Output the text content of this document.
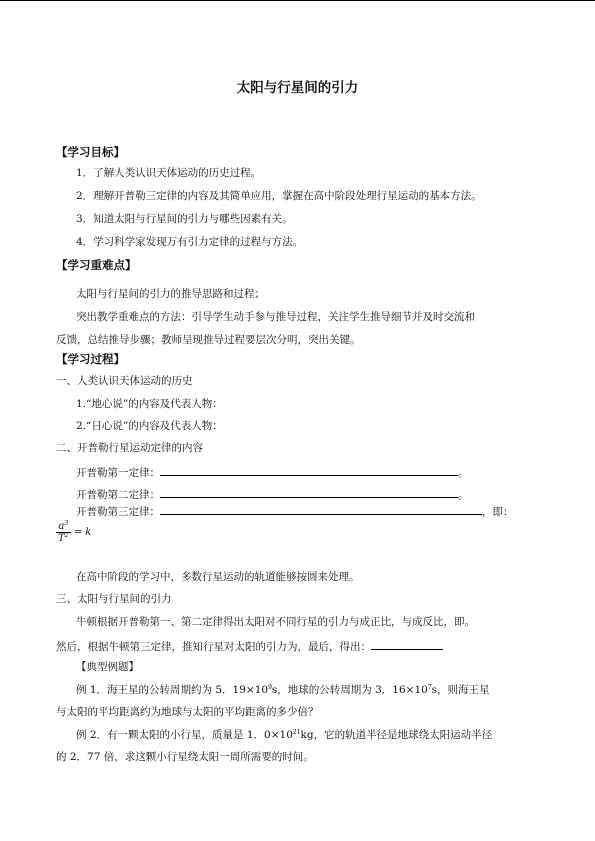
太阳与行星间的引力
【学习目标】
1．了解人类认识天体运动的历史过程。
2．理解开普勒三定律的内容及其简单应用，掌握在高中阶段处理行星运动的基本方法。
3．知道太阳与行星间的引力与哪些因素有关。
4．学习科学家发现万有引力定律的过程与方法。
【学习重难点】
太阳与行星间的引力的推导思路和过程；
突出教学重难点的方法：引导学生动手参与推导过程，关注学生推导细节并及时交流和
反馈，总结推导步骤；教师呈现推导过程要层次分明，突出关键。
【学习过程】
一、人类认识天体运动的历史
1.“地心说”的内容及代表人物：
2.“日心说”的内容及代表人物：
二、开普勒行星运动定律的内容
开普勒第一定律：	。
开普勒第二定律：	。
开普勒第三定律：	，即：
$\frac{a^3}{T^2} = k$
在高中阶段的学习中，多数行星运动的轨道能够按圆来处理。
三、太阳与行星间的引力
牛顿根据开普勒第一、第二定律得出太阳对不同行星的引力与成正比，与成反比，即。
然后，根据牛顿第三定律，推知行星对太阳的引力为，最后，得出：
【典型例题】
例 1．海王星的公转周期约为 5．$19\times 10^9s$，地球的公转周期为 3．$16\times 10^7s$，则海王星
与太阳的平均距离约为地球与太阳的平均距离的多少倍？
例 2．有一颗太阳的小行星，质量是 1．$0\times 10^{21}kg$，它的轨道半径是地球绕太阳运动半径
的 2．77 倍，求这颗小行星绕太阳一周所需要的时间。
